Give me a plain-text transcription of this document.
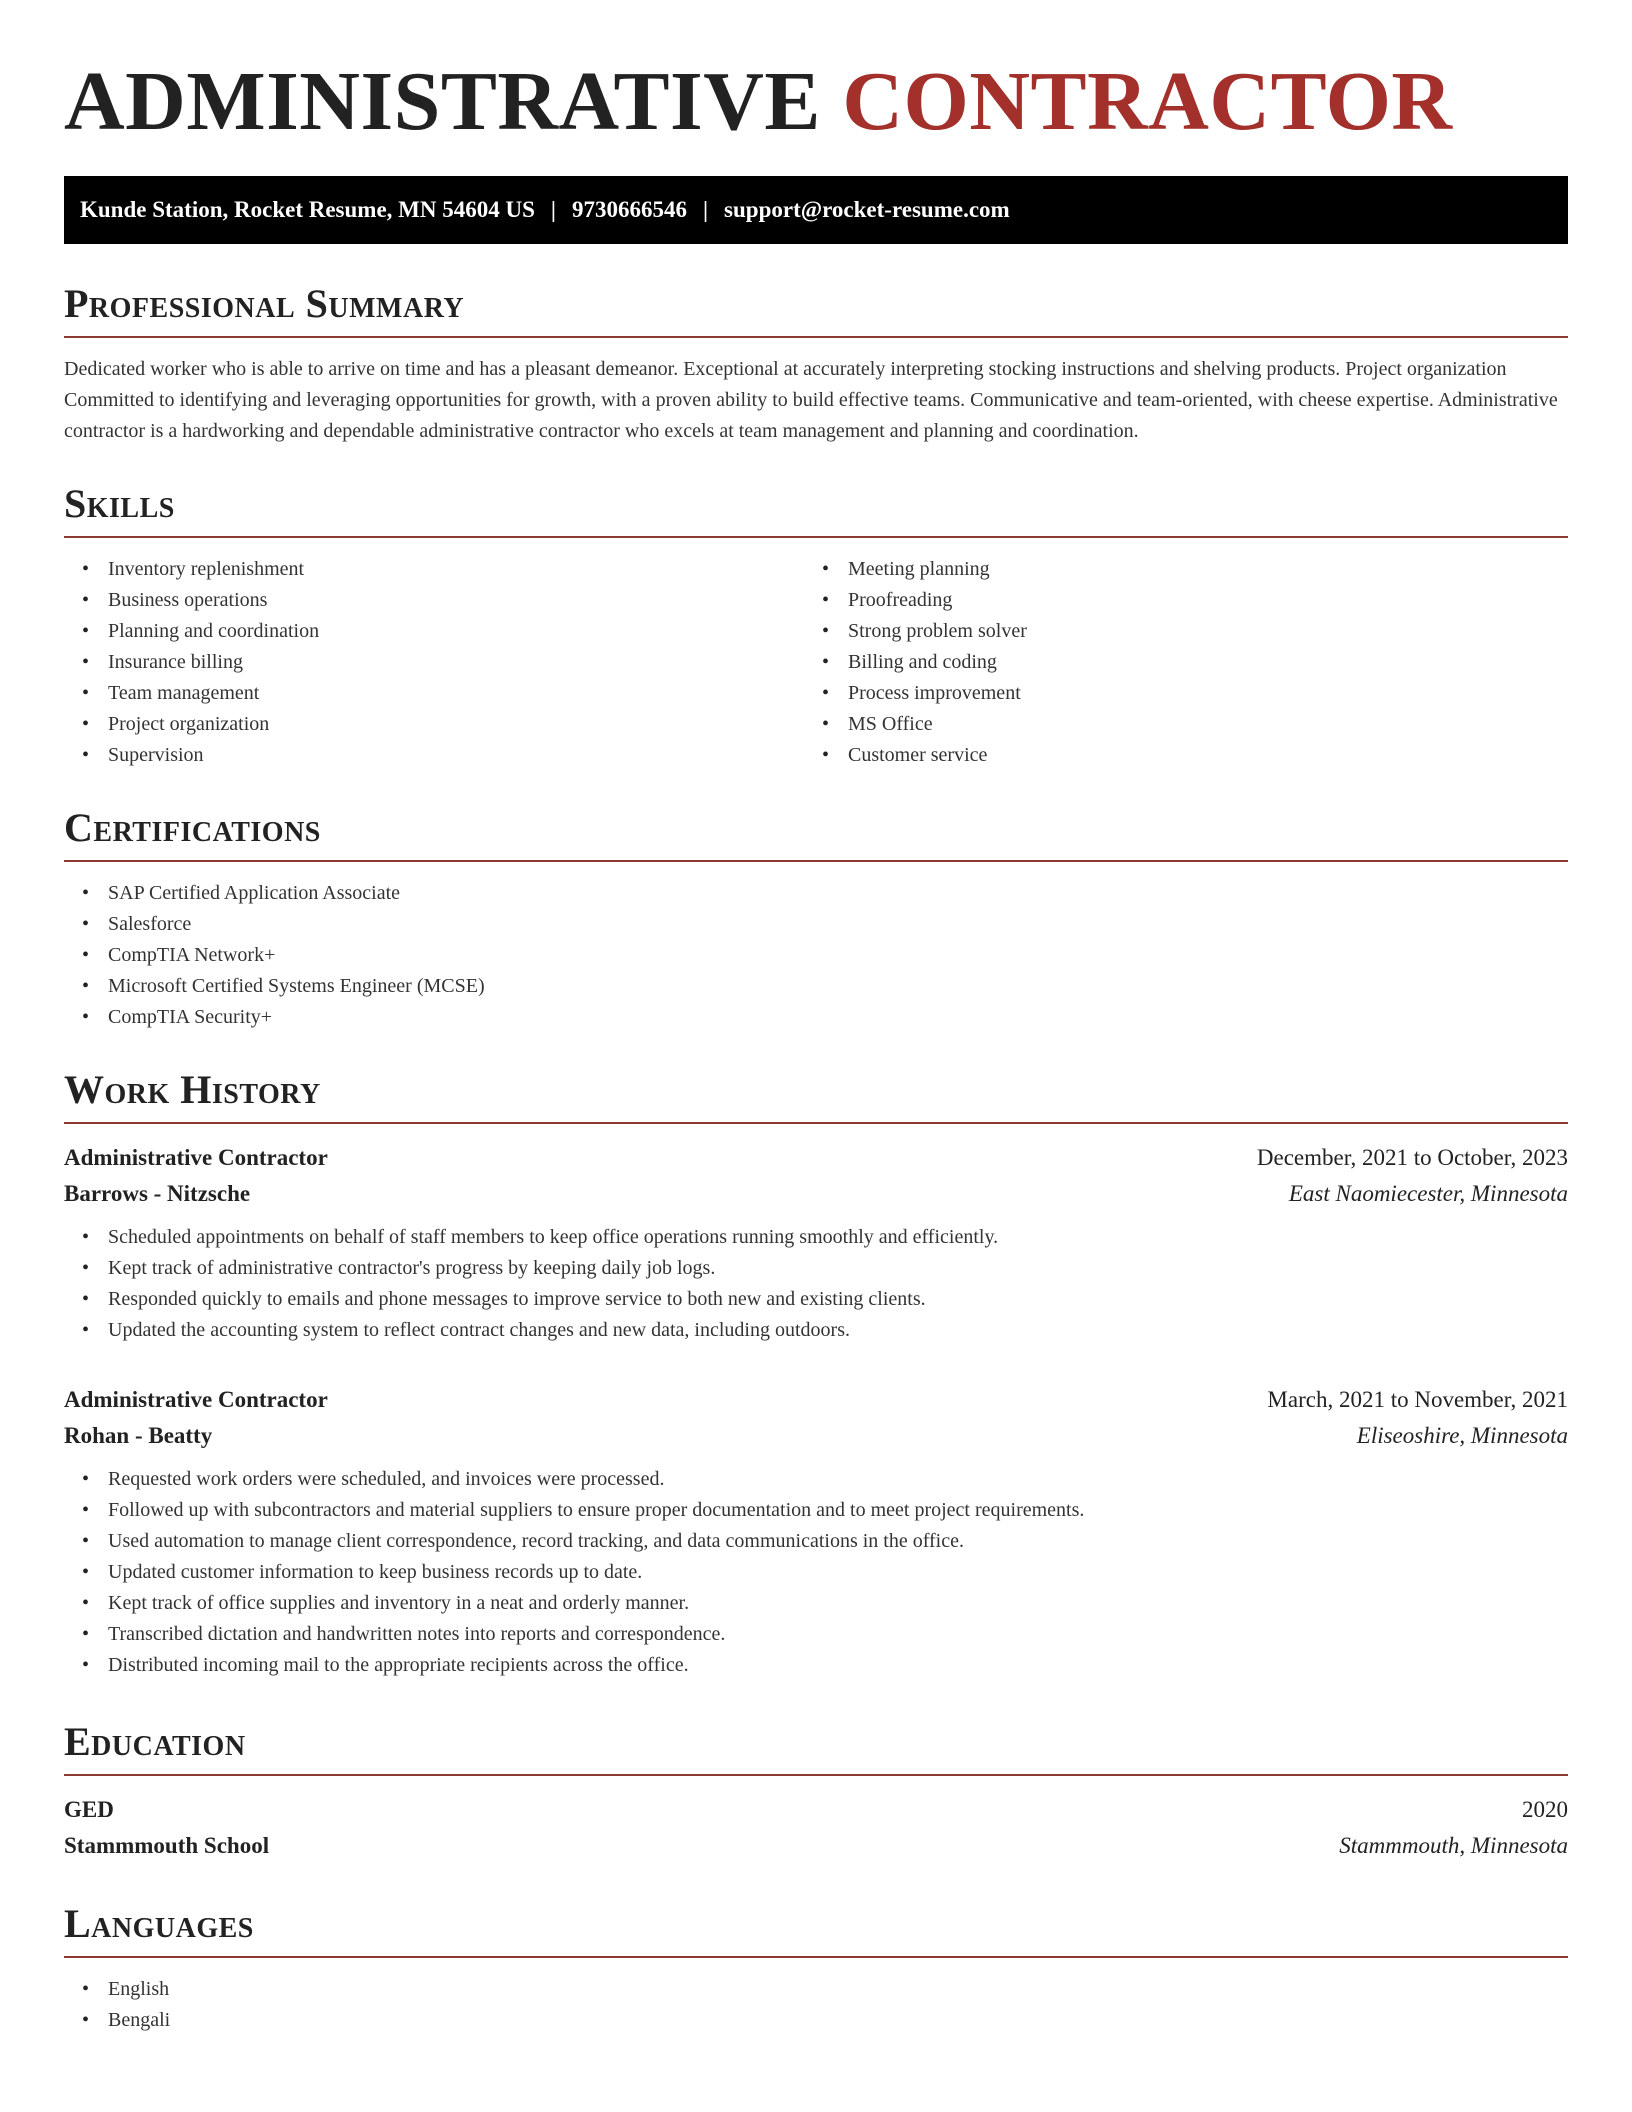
ADMINISTRATIVE CONTRACTOR
Kunde Station, Rocket Resume, MN 54604 US | 9730666546 | support@rocket-resume.com
Professional Summary

Dedicated worker who is able to arrive on time and has a pleasant demeanor. Exceptional at accurately interpreting stocking instructions and shelving products. Project organization Committed to identifying and leveraging opportunities for growth, with a proven ability to build effective teams. Communicative and team-oriented, with cheese expertise. Administrative contractor is a hardworking and dependable administrative contractor who excels at team management and planning and coordination.

Skills
• Inventory replenishment
• Business operations
• Planning and coordination
• Insurance billing
• Team management
• Project organization
• Supervision
• Meeting planning
• Proofreading
• Strong problem solver
• Billing and coding
• Process improvement
• MS Office
• Customer service
Certifications
• SAP Certified Application Associate
• Salesforce
• CompTIA Network+
• Microsoft Certified Systems Engineer (MCSE)
• CompTIA Security+
Work History
Administrative Contractor	December, 2021 to October, 2023
Barrows - Nitzsche	East Naomiecester, Minnesota
• Scheduled appointments on behalf of staff members to keep office operations running smoothly and efficiently.
• Kept track of administrative contractor's progress by keeping daily job logs.
• Responded quickly to emails and phone messages to improve service to both new and existing clients.
• Updated the accounting system to reflect contract changes and new data, including outdoors.
Administrative Contractor	March, 2021 to November, 2021
Rohan - Beatty	Eliseoshire, Minnesota
• Requested work orders were scheduled, and invoices were processed.
• Followed up with subcontractors and material suppliers to ensure proper documentation and to meet project requirements.
• Used automation to manage client correspondence, record tracking, and data communications in the office.
• Updated customer information to keep business records up to date.
• Kept track of office supplies and inventory in a neat and orderly manner.
• Transcribed dictation and handwritten notes into reports and correspondence.
• Distributed incoming mail to the appropriate recipients across the office.
Education
GED	2020
Stammmouth School	Stammmouth, Minnesota
Languages
• English
• Bengali
